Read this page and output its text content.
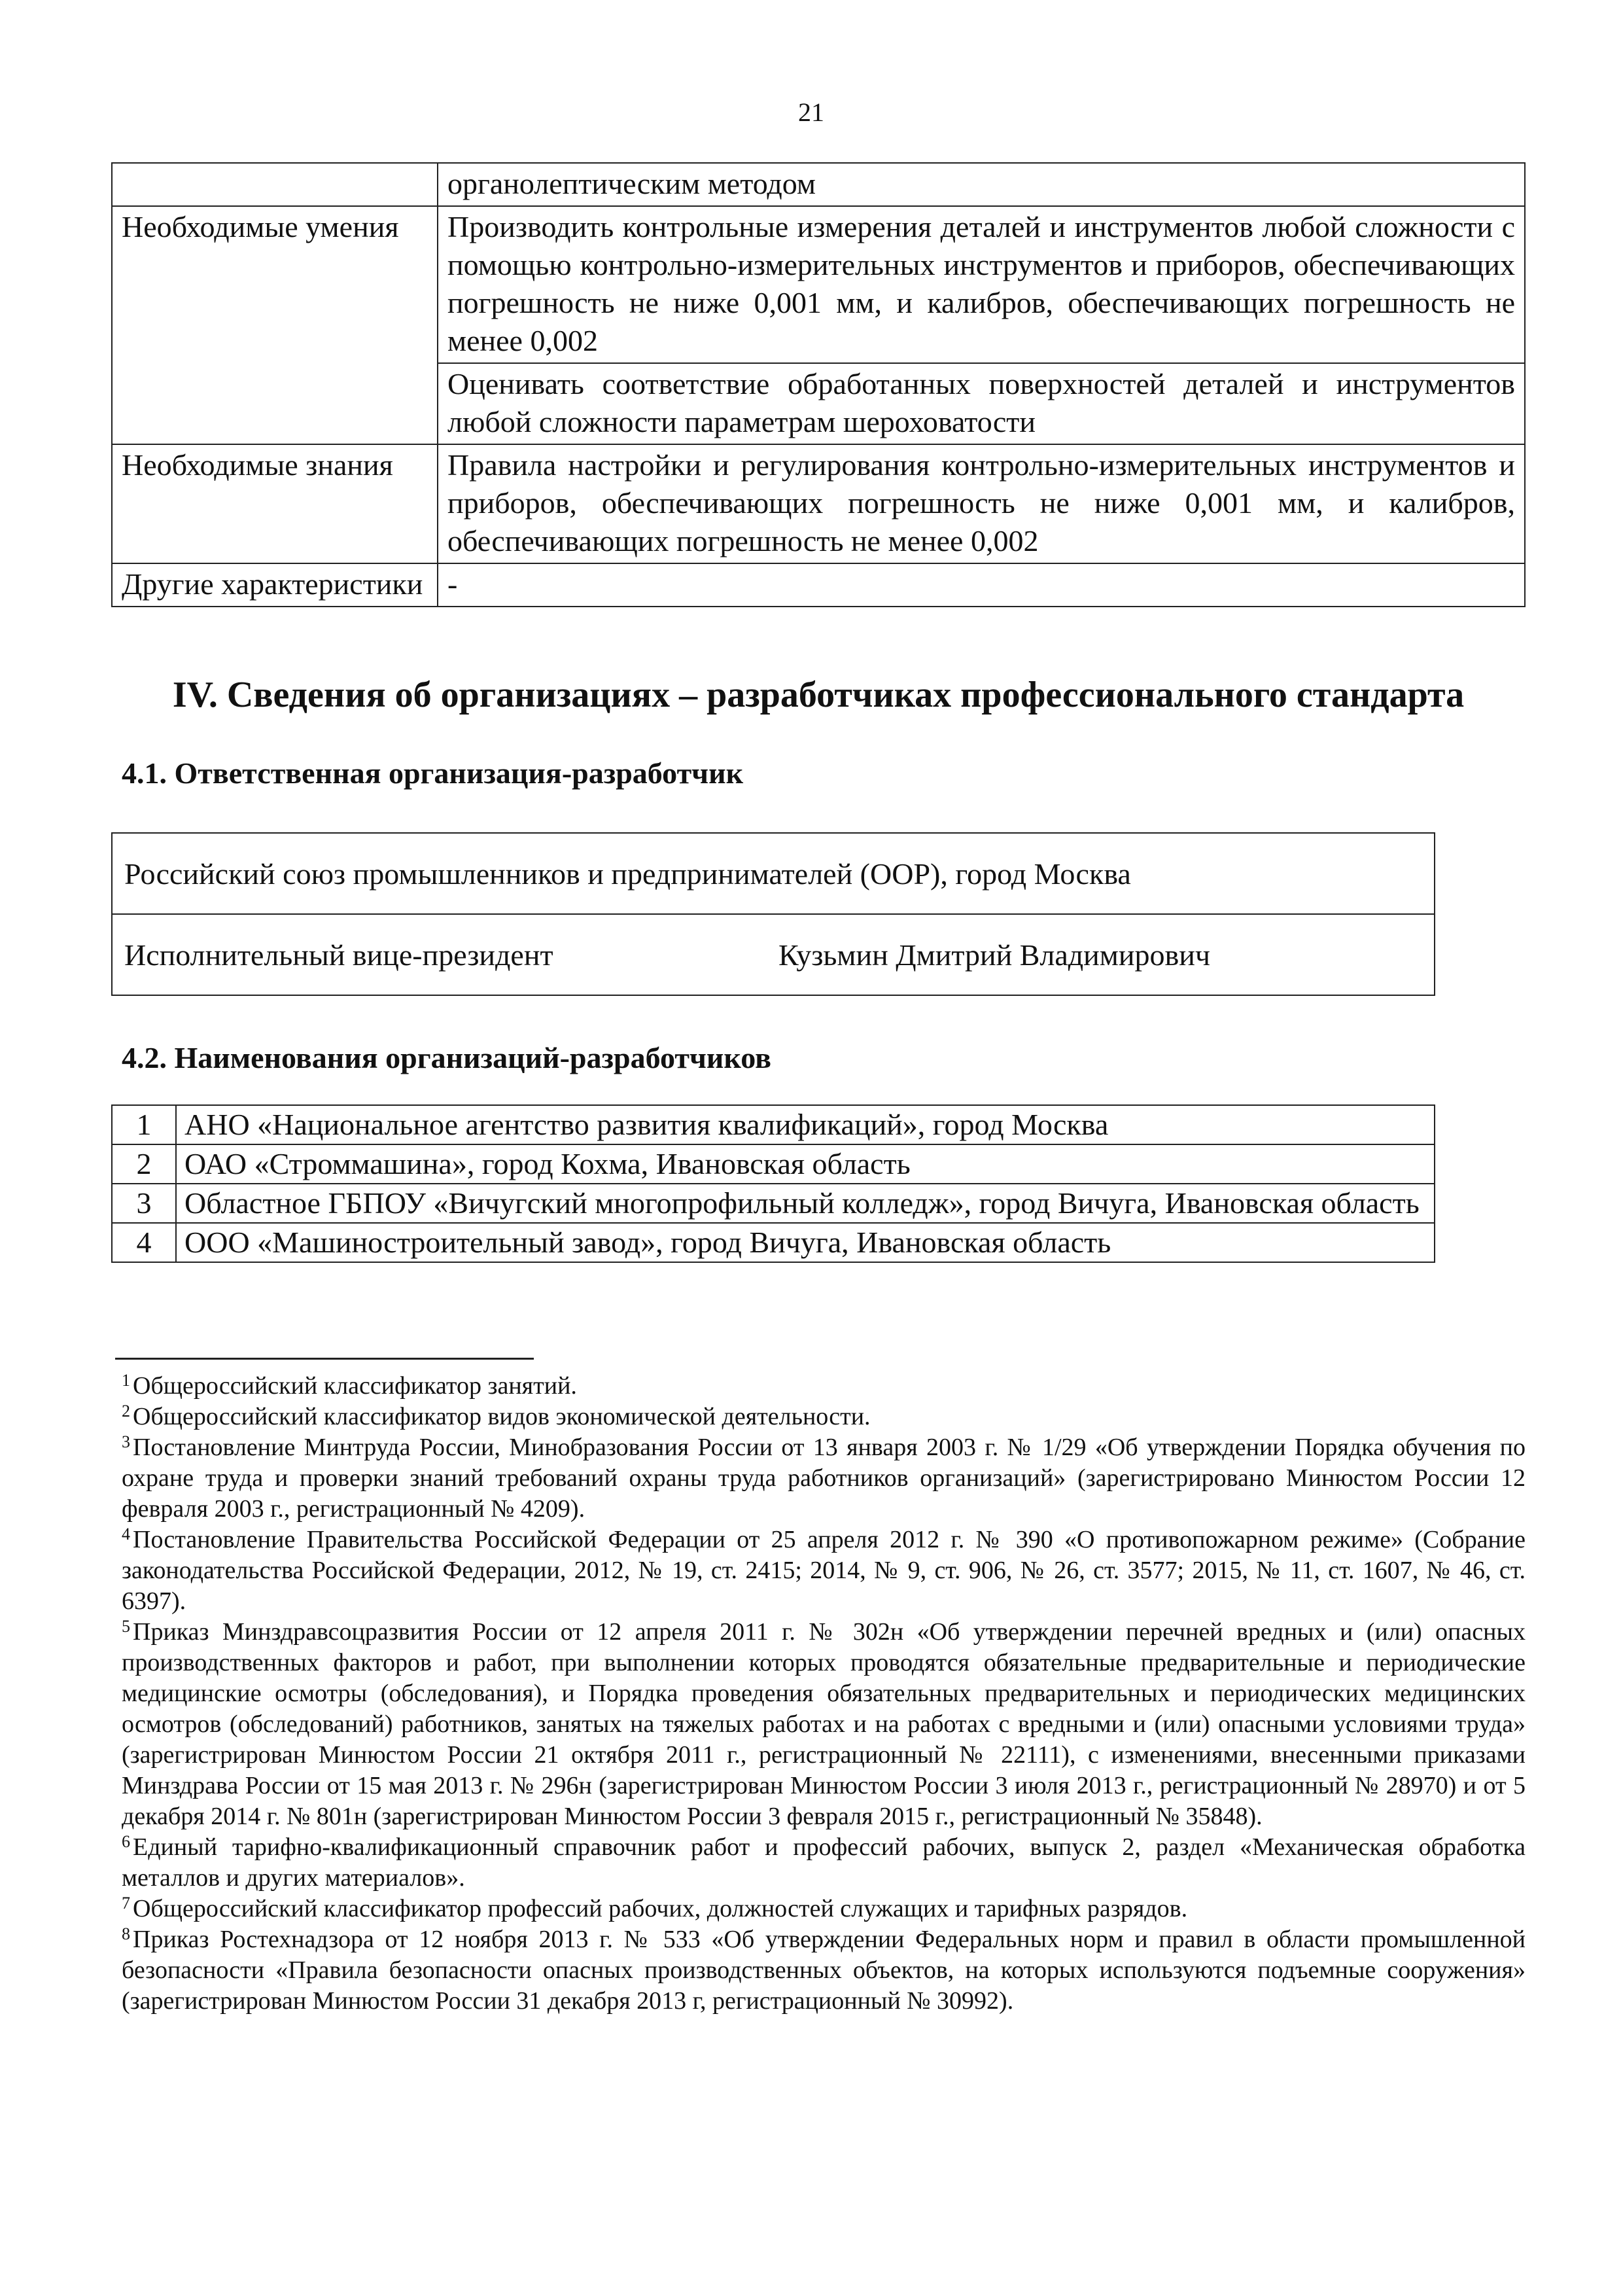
21
	органолептическим методом
Необходимые умения	Производить контрольные измерения деталей и инструментов любой сложности с помощью контрольно-измерительных инструментов и приборов, обеспечивающих погрешность не ниже 0,001 мм, и калибров, обеспечивающих погрешность не менее 0,002
	Оценивать соответствие обработанных поверхностей деталей и инструментов любой сложности параметрам шероховатости
Необходимые знания	Правила настройки и регулирования контрольно-измерительных инструментов и приборов, обеспечивающих погрешность не ниже 0,001 мм, и калибров, обеспечивающих погрешность не менее 0,002
Другие характеристики	-
IV. Сведения об организациях – разработчиках профессионального стандарта
4.1. Ответственная организация-разработчик
Российский союз промышленников и предпринимателей (ООР), город Москва
Исполнительный вице-президент	Кузьмин Дмитрий Владимирович
4.2. Наименования организаций-разработчиков
1	АНО «Национальное агентство развития квалификаций», город Москва
2	ОАО «Строммашина», город Кохма, Ивановская область
3	Областное ГБПОУ «Вичугский многопрофильный колледж», город Вичуга, Ивановская область
4	ООО «Машиностроительный завод», город Вичуга, Ивановская область

$^1$ Общероссийский классификатор занятий.

$^2$ Общероссийский классификатор видов экономической деятельности.

$^3$ Постановление Минтруда России, Минобразования России от 13 января 2003 г. № 1/29 «Об утверждении Порядка обучения по охране труда и проверки знаний требований охраны труда работников организаций» (зарегистрировано Минюстом России 12 февраля 2003 г., регистрационный № 4209).

$^4$ Постановление Правительства Российской Федерации от 25 апреля 2012 г. № 390 «О противопожарном режиме» (Собрание законодательства Российской Федерации, 2012, № 19, ст. 2415; 2014, № 9, ст. 906, № 26, ст. 3577; 2015, № 11, ст. 1607, № 46, ст. 6397).

$^5$ Приказ Минздравсоцразвития России от 12 апреля 2011 г. № 302н «Об утверждении перечней вредных и (или) опасных производственных факторов и работ, при выполнении которых проводятся обязательные предварительные и периодические медицинские осмотры (обследования), и Порядка проведения обязательных предварительных и периодических медицинских осмотров (обследований) работников, занятых на тяжелых работах и на работах с вредными и (или) опасными условиями труда» (зарегистрирован Минюстом России 21 октября 2011 г., регистрационный № 22111), с изменениями, внесенными приказами Минздрава России от 15 мая 2013 г. № 296н (зарегистрирован Минюстом России 3 июля 2013 г., регистрационный № 28970) и от 5 декабря 2014 г. № 801н (зарегистрирован Минюстом России 3 февраля 2015 г., регистрационный № 35848).

$^6$ Единый тарифно-квалификационный справочник работ и профессий рабочих, выпуск 2, раздел «Механическая обработка металлов и других материалов».

$^7$ Общероссийский классификатор профессий рабочих, должностей служащих и тарифных разрядов.

$^8$ Приказ Ростехнадзора от 12 ноября 2013 г. № 533 «Об утверждении Федеральных норм и правил в области промышленной безопасности «Правила безопасности опасных производственных объектов, на которых используются подъемные сооружения» (зарегистрирован Минюстом России 31 декабря 2013 г, регистрационный № 30992).
